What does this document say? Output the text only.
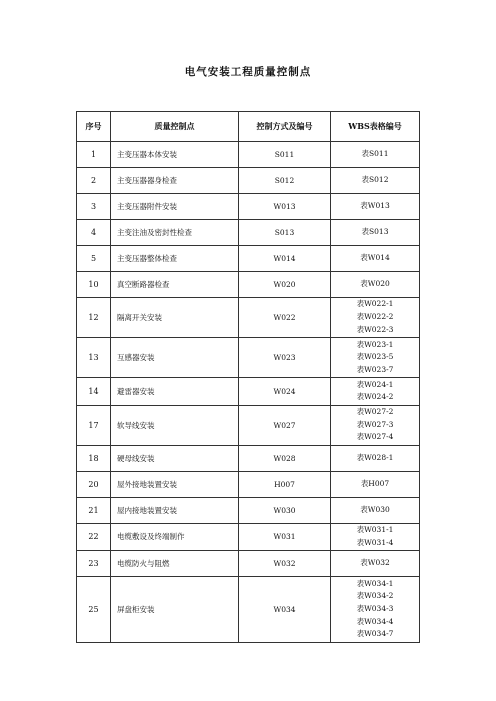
电气安装工程质量控制点
序号	质量控制点	控制方式及编号	WBS表格编号
1	主变压器本体安装	S011	表S011

2	主变压器器身检查	S012	表S012

3	主变压器附件安装	W013	表W013

4	主变注油及密封性检查	S013	表S013

5	主变压器整体检查	W014	表W014

10	真空断路器检查	W020	表W020

12	隔离开关安装	W022	表W022-1
表W022-2
表W022-3

13	互感器安装	W023	表W023-1
表W023-5
表W023-7

14	避雷器安装	W024	表W024-1
表W024-2

17	软导线安装	W027	表W027-2
表W027-3
表W027-4

18	硬母线安装	W028	表W028-1

20	屋外接地装置安装	H007	表H007

21	屋内接地装置安装	W030	表W030

22	电缆敷设及终端制作	W031	表W031-1
表W031-4

23	电缆防火与阻燃	W032	表W032

25	屏盘柜安装	W034	表W034-1
表W034-2
表W034-3
表W034-4
表W034-7
